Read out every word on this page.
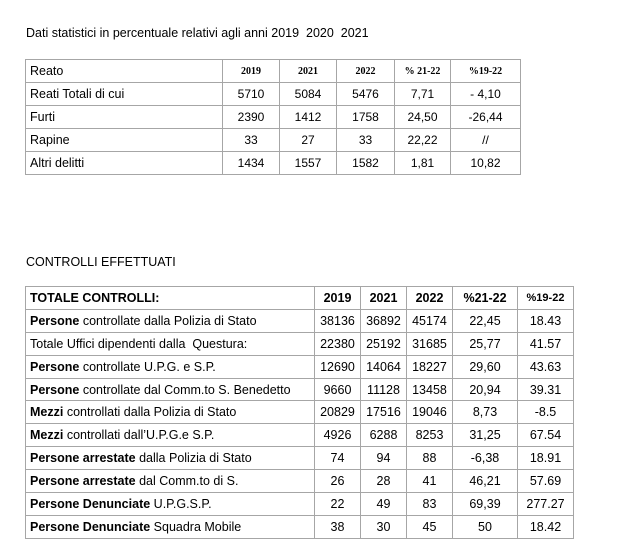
Dati statistici in percentuale relativi agli anni 2019  2020  2021
Reato	2019	2021	2022	% 21-22	%19-22
Reati Totali di cui	5710	5084	5476	7,71	- 4,10
Furti	2390	1412	1758	24,50	-26,44
Rapine	33	27	33	22,22	//
Altri delitti	1434	1557	1582	1,81	10,82
CONTROLLI EFFETTUATI
TOTALE CONTROLLI:	2019	2021	2022	%21-22	%19-22
Persone controllate dalla Polizia di Stato	38136	36892	45174	22,45	18.43
Totale Uffici dipendenti dalla  Questura:	22380	25192	31685	25,77	41.57
Persone controllate U.P.G. e S.P.	12690	14064	18227	29,60	43.63
Persone controllate dal Comm.to S. Benedetto	9660	11128	13458	20,94	39.31
Mezzi controllati dalla Polizia di Stato	20829	17516	19046	8,73	-8.5
Mezzi controllati dall’U.P.G.e S.P.	4926	6288	8253	31,25	67.54
Persone arrestate dalla Polizia di Stato	74	94	88	-6,38	18.91
Persone arrestate dal Comm.to di S.	26	28	41	46,21	57.69
Persone Denunciate U.P.G.S.P.	22	49	83	69,39	277.27
Persone Denunciate Squadra Mobile	38	30	45	50	18.42
